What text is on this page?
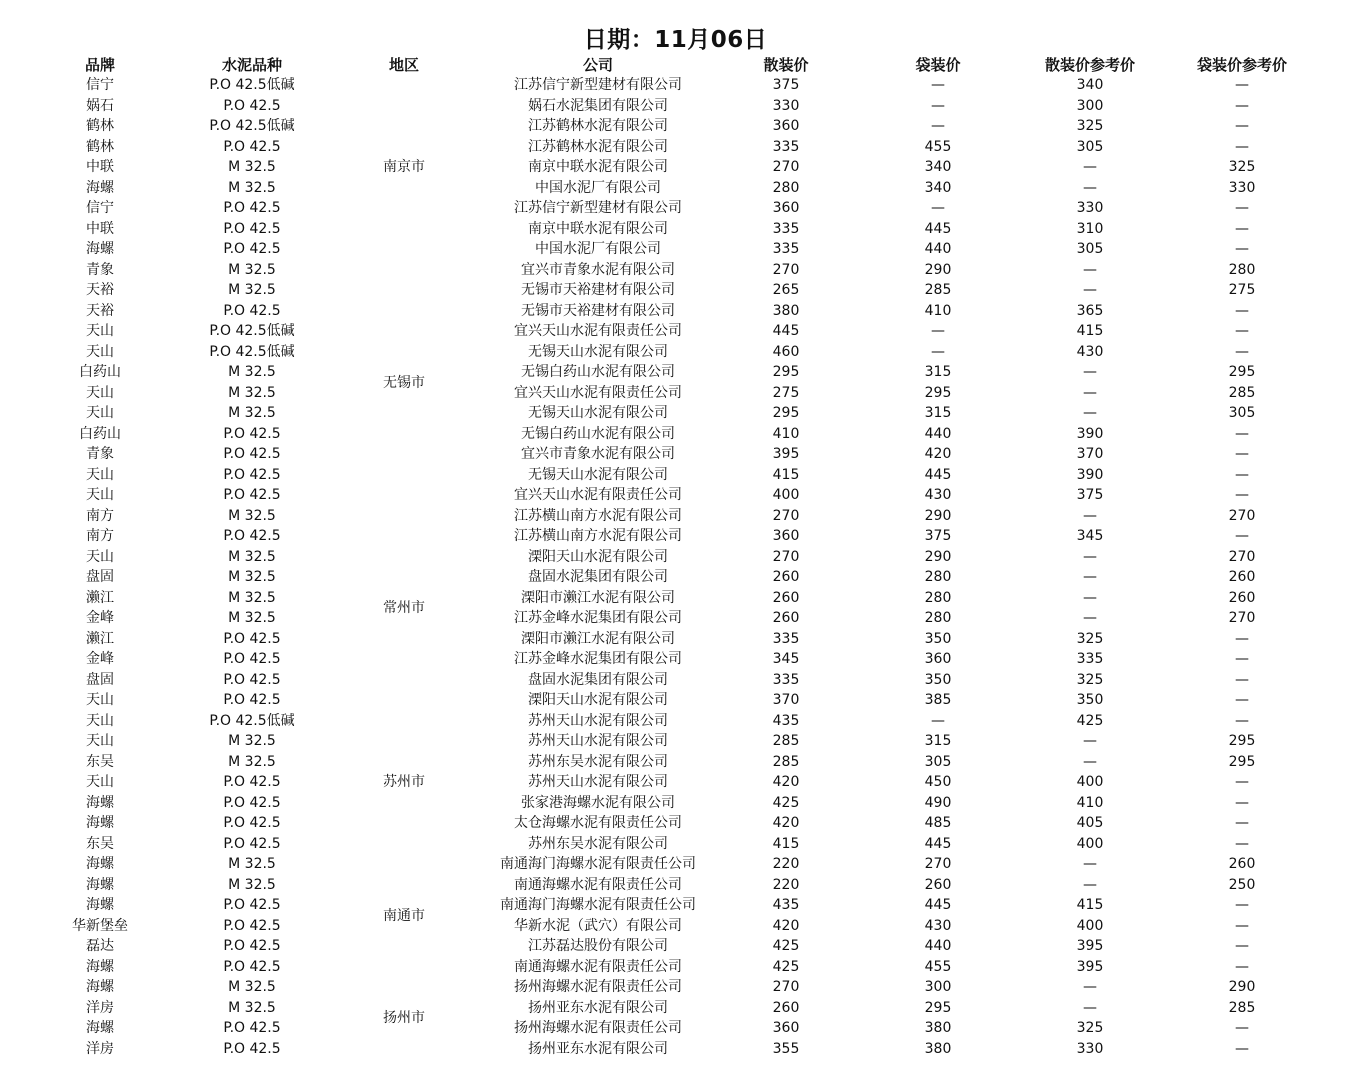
日期：11月06日
品牌	水泥品种	地区	公司	散装价	袋装价	散装价参考价	袋装价参考价
信宁	P.O 42.5低碱	南京市	江苏信宁新型建材有限公司	375	—	340	—
娲石	P.O 42.5		娲石水泥集团有限公司	330	—	300	—
鹤林	P.O 42.5低碱		江苏鹤林水泥有限公司	360	—	325	—
鹤林	P.O 42.5		江苏鹤林水泥有限公司	335	455	305	—
中联	M 32.5		南京中联水泥有限公司	270	340	—	325
海螺	M 32.5		中国水泥厂有限公司	280	340	—	330
信宁	P.O 42.5		江苏信宁新型建材有限公司	360	—	330	—
中联	P.O 42.5		南京中联水泥有限公司	335	445	310	—
海螺	P.O 42.5		中国水泥厂有限公司	335	440	305	—
青象	M 32.5	无锡市	宜兴市青象水泥有限公司	270	290	—	280
天裕	M 32.5		无锡市天裕建材有限公司	265	285	—	275
天裕	P.O 42.5		无锡市天裕建材有限公司	380	410	365	—
天山	P.O 42.5低碱		宜兴天山水泥有限责任公司	445	—	415	—
天山	P.O 42.5低碱		无锡天山水泥有限公司	460	—	430	—
白药山	M 32.5		无锡白药山水泥有限公司	295	315	—	295
天山	M 32.5		宜兴天山水泥有限责任公司	275	295	—	285
天山	M 32.5		无锡天山水泥有限公司	295	315	—	305
白药山	P.O 42.5		无锡白药山水泥有限公司	410	440	390	—
青象	P.O 42.5		宜兴市青象水泥有限公司	395	420	370	—
天山	P.O 42.5		无锡天山水泥有限公司	415	445	390	—
天山	P.O 42.5		宜兴天山水泥有限责任公司	400	430	375	—
南方	M 32.5	常州市	江苏横山南方水泥有限公司	270	290	—	270
南方	P.O 42.5		江苏横山南方水泥有限公司	360	375	345	—
天山	M 32.5		溧阳天山水泥有限公司	270	290	—	270
盘固	M 32.5		盘固水泥集团有限公司	260	280	—	260
濑江	M 32.5		溧阳市濑江水泥有限公司	260	280	—	260
金峰	M 32.5		江苏金峰水泥集团有限公司	260	280	—	270
濑江	P.O 42.5		溧阳市濑江水泥有限公司	335	350	325	—
金峰	P.O 42.5		江苏金峰水泥集团有限公司	345	360	335	—
盘固	P.O 42.5		盘固水泥集团有限公司	335	350	325	—
天山	P.O 42.5		溧阳天山水泥有限公司	370	385	350	—
天山	P.O 42.5低碱	苏州市	苏州天山水泥有限公司	435	—	425	—
天山	M 32.5		苏州天山水泥有限公司	285	315	—	295
东吴	M 32.5		苏州东吴水泥有限公司	285	305	—	295
天山	P.O 42.5		苏州天山水泥有限公司	420	450	400	—
海螺	P.O 42.5		张家港海螺水泥有限公司	425	490	410	—
海螺	P.O 42.5		太仓海螺水泥有限责任公司	420	485	405	—
东吴	P.O 42.5		苏州东吴水泥有限公司	415	445	400	—
海螺	M 32.5	南通市	南通海门海螺水泥有限责任公司	220	270	—	260
海螺	M 32.5		南通海螺水泥有限责任公司	220	260	—	250
海螺	P.O 42.5		南通海门海螺水泥有限责任公司	435	445	415	—
华新堡垒	P.O 42.5		华新水泥（武穴）有限公司	420	430	400	—
磊达	P.O 42.5		江苏磊达股份有限公司	425	440	395	—
海螺	P.O 42.5		南通海螺水泥有限责任公司	425	455	395	—
海螺	M 32.5	扬州市	扬州海螺水泥有限责任公司	270	300	—	290
洋房	M 32.5		扬州亚东水泥有限公司	260	295	—	285
海螺	P.O 42.5		扬州海螺水泥有限责任公司	360	380	325	—
洋房	P.O 42.5		扬州亚东水泥有限公司	355	380	330	—
